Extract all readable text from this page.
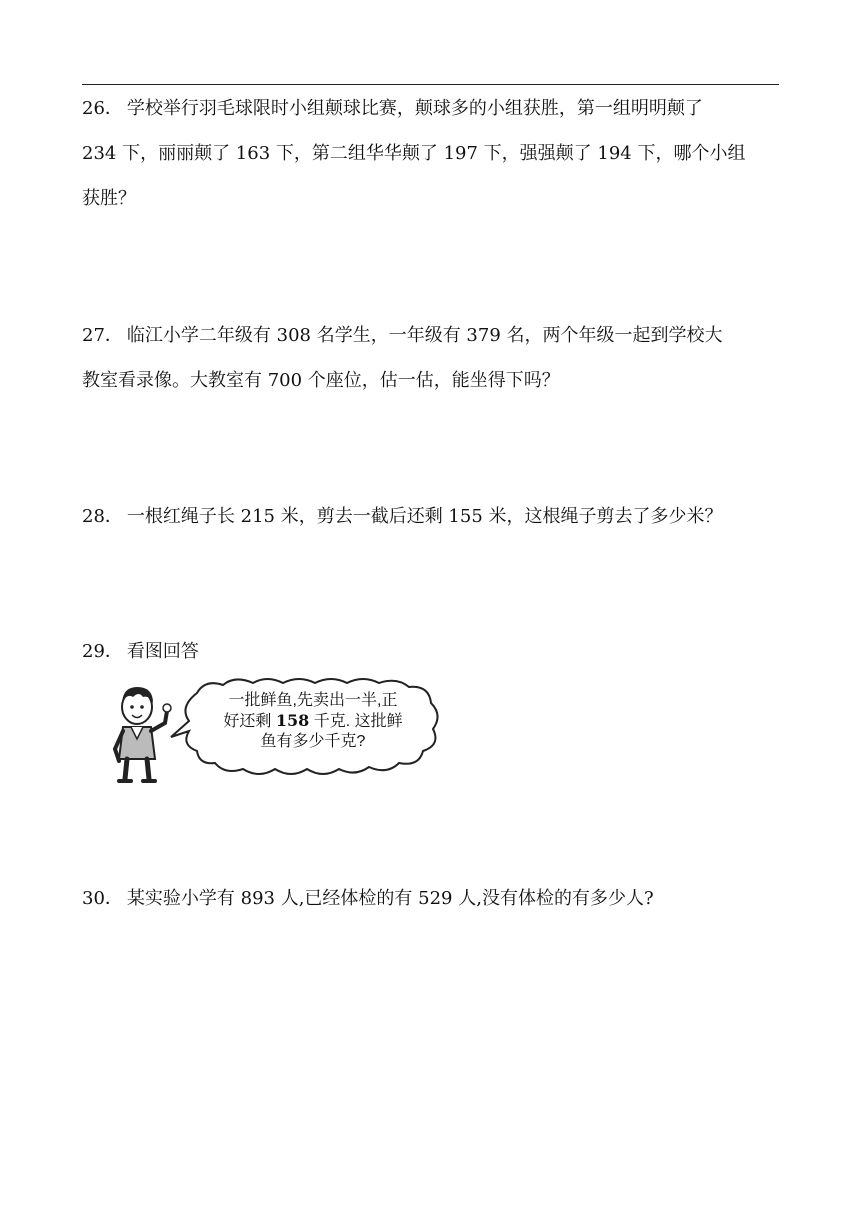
26． 学校举行羽毛球限时小组颠球比赛，颠球多的小组获胜，第一组明明颠了

234 下，丽丽颠了 163 下，第二组华华颠了 197 下，强强颠了 194 下，哪个小组

获胜？

27． 临江小学二年级有 308 名学生，一年级有 379 名，两个年级一起到学校大

教室看录像。大教室有 700 个座位，估一估，能坐得下吗？

28． 一根红绳子长 215 米，剪去一截后还剩 155 米，这根绳子剪去了多少米？

29． 看图回答

一批鲜鱼,先卖出一半,正
好还剩 158 千克. 这批鲜
鱼有多少千克?

30． 某实验小学有 893 人,已经体检的有 529 人,没有体检的有多少人?
